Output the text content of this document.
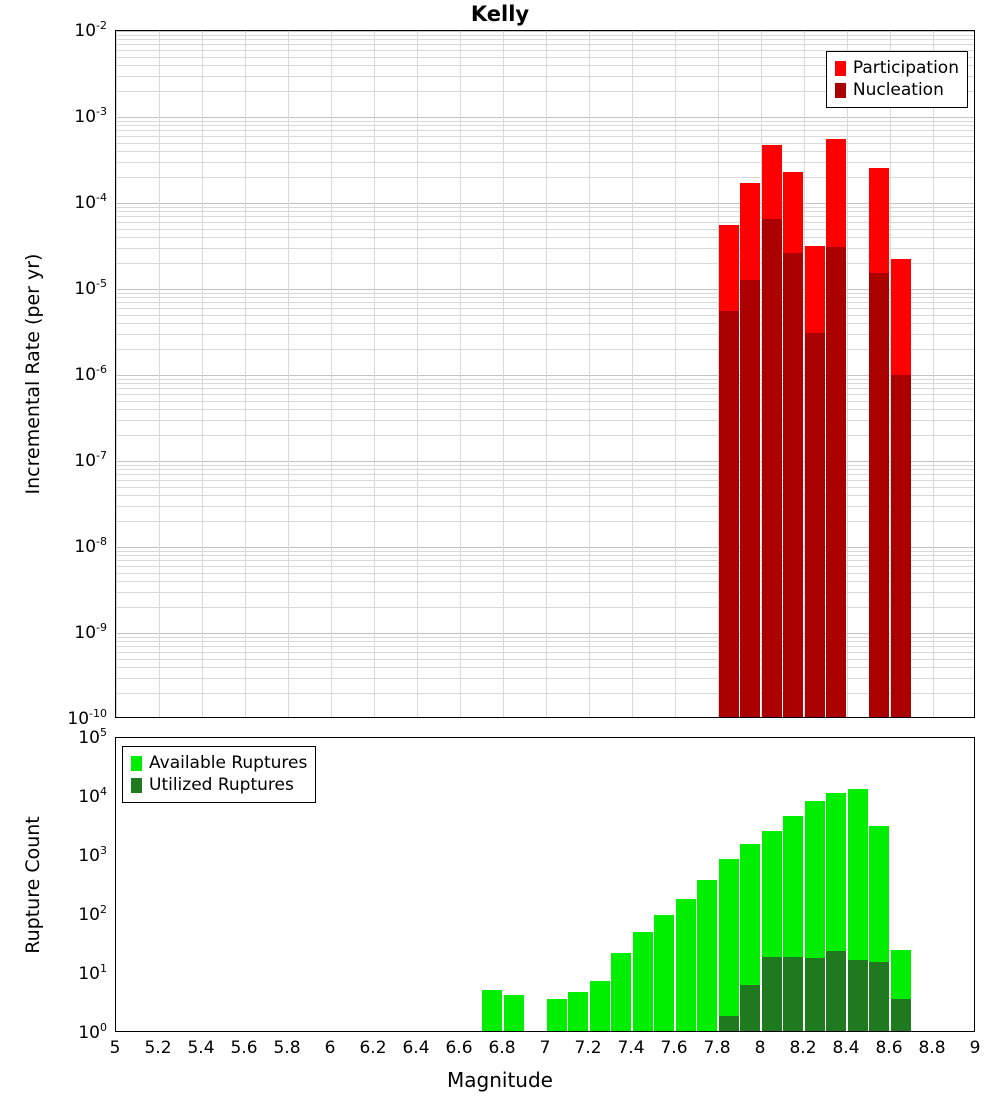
Kelly
Participation
Nucleation
Available Ruptures
Utilized Ruptures
$10^{-10}$
$10^{-9}$
$10^{-8}$
$10^{-7}$
$10^{-6}$
$10^{-5}$
$10^{-4}$
$10^{-3}$
$10^{-2}$
$10^0$
$10^1$
$10^2$
$10^3$
$10^4$
$10^5$
5 5.2 5.4 5.6 5.8 6 6.2 6.4 6.6 6.8 7 7.2 7.4 7.6 7.8 8 8.2 8.4 8.6 8.8 9
Incremental Rate (per yr)
Rupture Count
Magnitude
